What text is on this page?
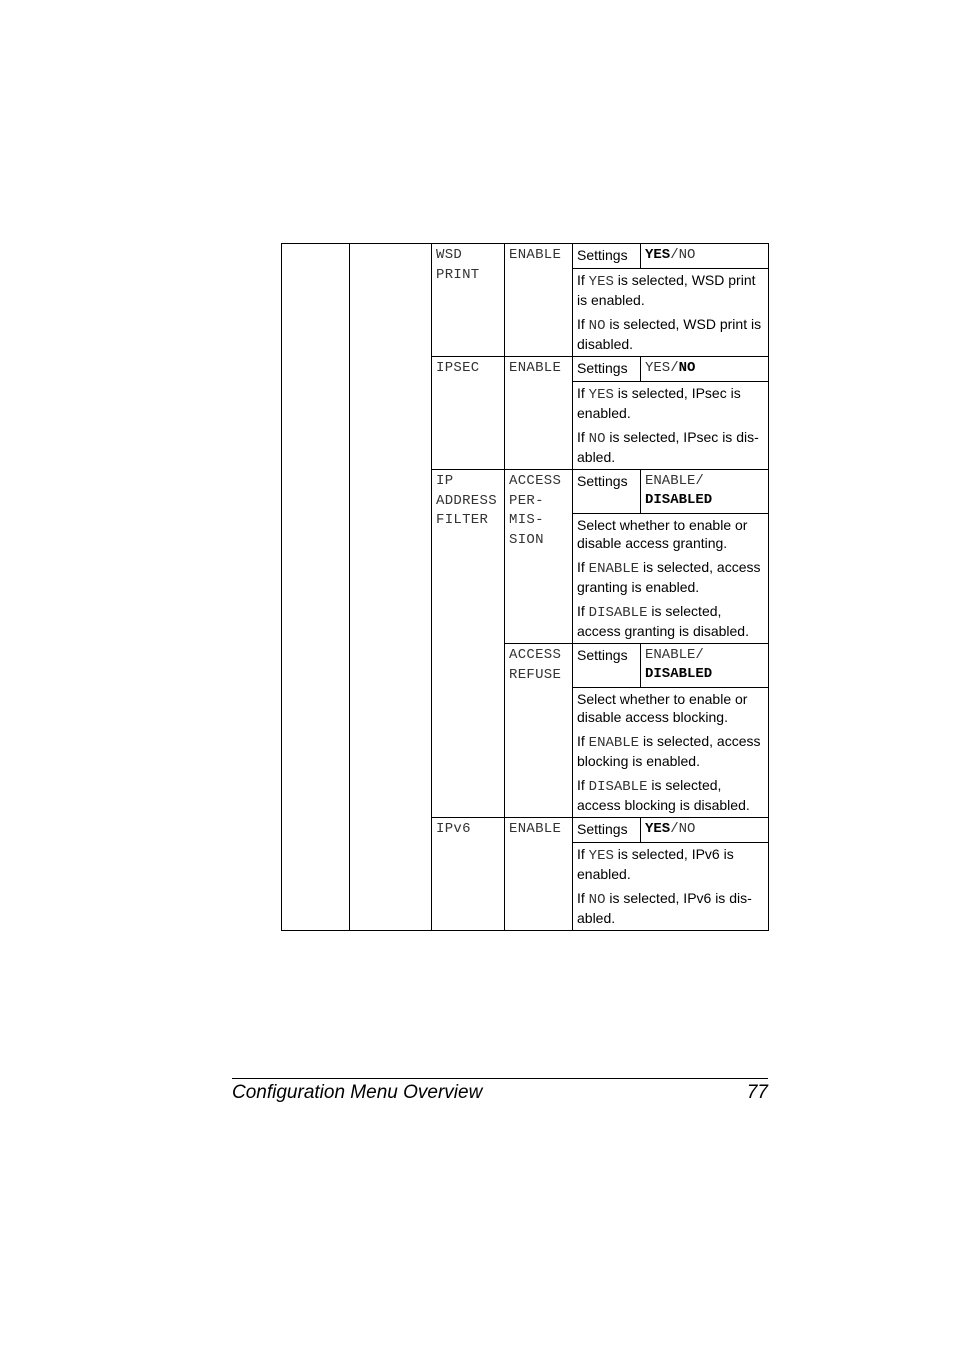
		WSD
PRINT	ENABLE	Settings	YES/NO

				If YES is selected, WSD print is enabled.

If NO is selected, WSD print is disabled.	

		IPSEC	ENABLE	Settings	YES/NO

				If YES is selected, IPsec is enabled.

If NO is selected, IPsec is dis-abled.	

		IP
ADDRESS
FILTER	ACCESS
PER-
MIS-
SION	Settings	ENABLE/
DISABLED

				Select whether to enable or disable access granting.

If ENABLE is selected, access granting is enabled.

If DISABLE is selected, access granting is disabled.	

			ACCESS
REFUSE	Settings	ENABLE/
DISABLED

				Select whether to enable or disable access blocking.

If ENABLE is selected, access blocking is enabled.

If DISABLE is selected, access blocking is disabled.	

		IPv6	ENABLE	Settings	YES/NO

				If YES is selected, IPv6 is enabled.

If NO is selected, IPv6 is dis-abled.	

Configuration Menu Overview	77
